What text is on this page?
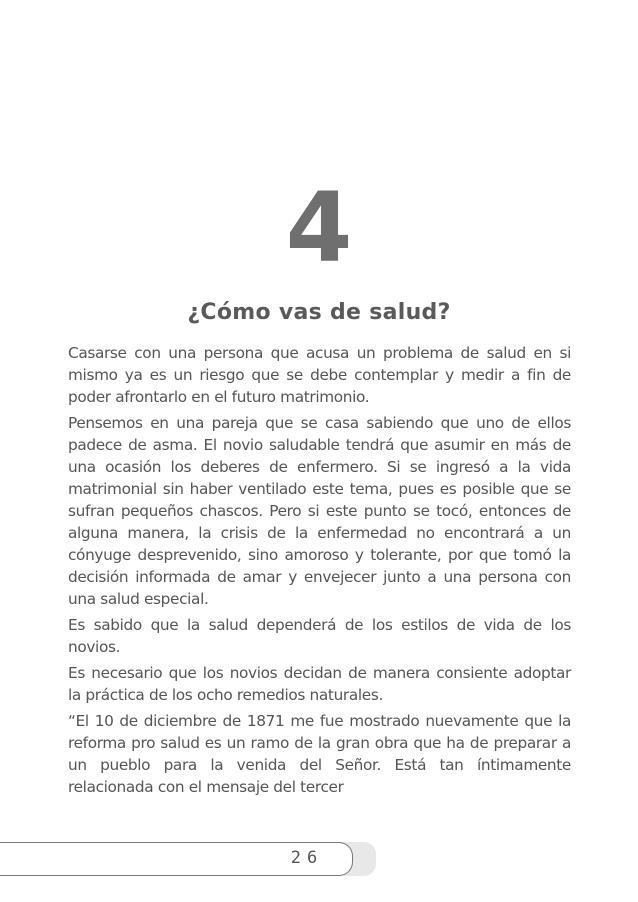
4
¿Cómo vas de salud?

Casarse con una persona que acusa un problema de salud en si mismo ya es un riesgo que se debe contemplar y medir a fin de poder afrontarlo en el futuro matrimonio.

Pensemos en una pareja que se casa sabiendo que uno de ellos padece de asma. El novio saludable tendrá que asumir en más de una ocasión los deberes de enfermero. Si se ingresó a la vida matrimonial sin haber ventilado este tema, pues es posible que se sufran pequeños chascos. Pero si este punto se tocó, entonces de alguna manera, la crisis de la enfermedad no encontrará a un cónyuge desprevenido, sino amoroso y tolerante, por que tomó la decisión informada de amar y envejecer junto a una persona con una salud especial.

Es sabido que la salud dependerá de los estilos de vida de los novios.

Es necesario que los novios decidan de manera consiente adoptar la práctica de los ocho remedios naturales.

“El 10 de diciembre de 1871 me fue mostrado nuevamente que la reforma pro salud es un ramo de la gran obra que ha de preparar a un pueblo para la venida del Señor. Está tan íntimamente relacionada con el mensaje del tercer

26
